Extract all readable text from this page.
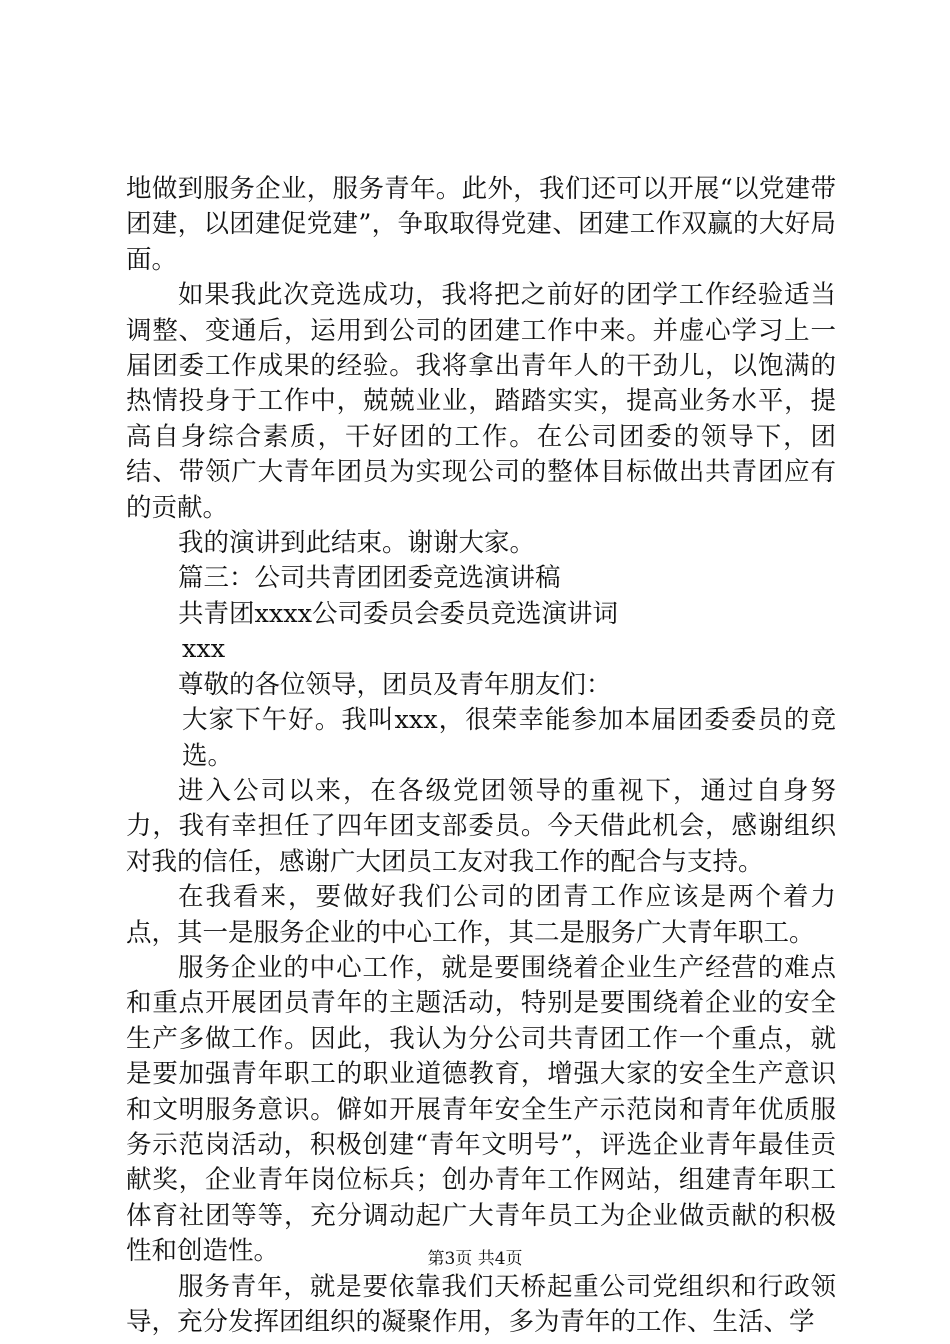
地做到服务企业，服务青年。此外，我们还可以开展“以党建带团建，以团建促党建”，争取取得党建、团建工作双赢的大好局面。

如果我此次竞选成功，我将把之前好的团学工作经验适当调整、变通后，运用到公司的团建工作中来。并虚心学习上一届团委工作成果的经验。我将拿出青年人的干劲儿，以饱满的热情投身于工作中，兢兢业业，踏踏实实，提高业务水平，提高自身综合素质，干好团的工作。在公司团委的领导下，团结、带领广大青年团员为实现公司的整体目标做出共青团应有的贡献。

我的演讲到此结束。谢谢大家。

篇三：公司共青团团委竞选演讲稿

共青团xxxx公司委员会委员竞选演讲词

xxx

尊敬的各位领导，团员及青年朋友们：

大家下午好。我叫xxx，很荣幸能参加本届团委委员的竞选。

进入公司以来，在各级党团领导的重视下，通过自身努力，我有幸担任了四年团支部委员。今天借此机会，感谢组织对我的信任，感谢广大团员工友对我工作的配合与支持。

在我看来，要做好我们公司的团青工作应该是两个着力点，其一是服务企业的中心工作，其二是服务广大青年职工。

服务企业的中心工作，就是要围绕着企业生产经营的难点和重点开展团员青年的主题活动，特别是要围绕着企业的安全生产多做工作。因此，我认为分公司共青团工作一个重点，就是要加强青年职工的职业道德教育，增强大家的安全生产意识和文明服务意识。僻如开展青年安全生产示范岗和青年优质服务示范岗活动，积极创建“青年文明号”，评选企业青年最佳贡献奖，企业青年岗位标兵；创办青年工作网站，组建青年职工体育社团等等，充分调动起广大青年员工为企业做贡献的积极性和创造性。

服务青年，就是要依靠我们天桥起重公司党组织和行政领导，充分发挥团组织的凝聚作用，多为青年的工作、生活、学

第3页 共4页
